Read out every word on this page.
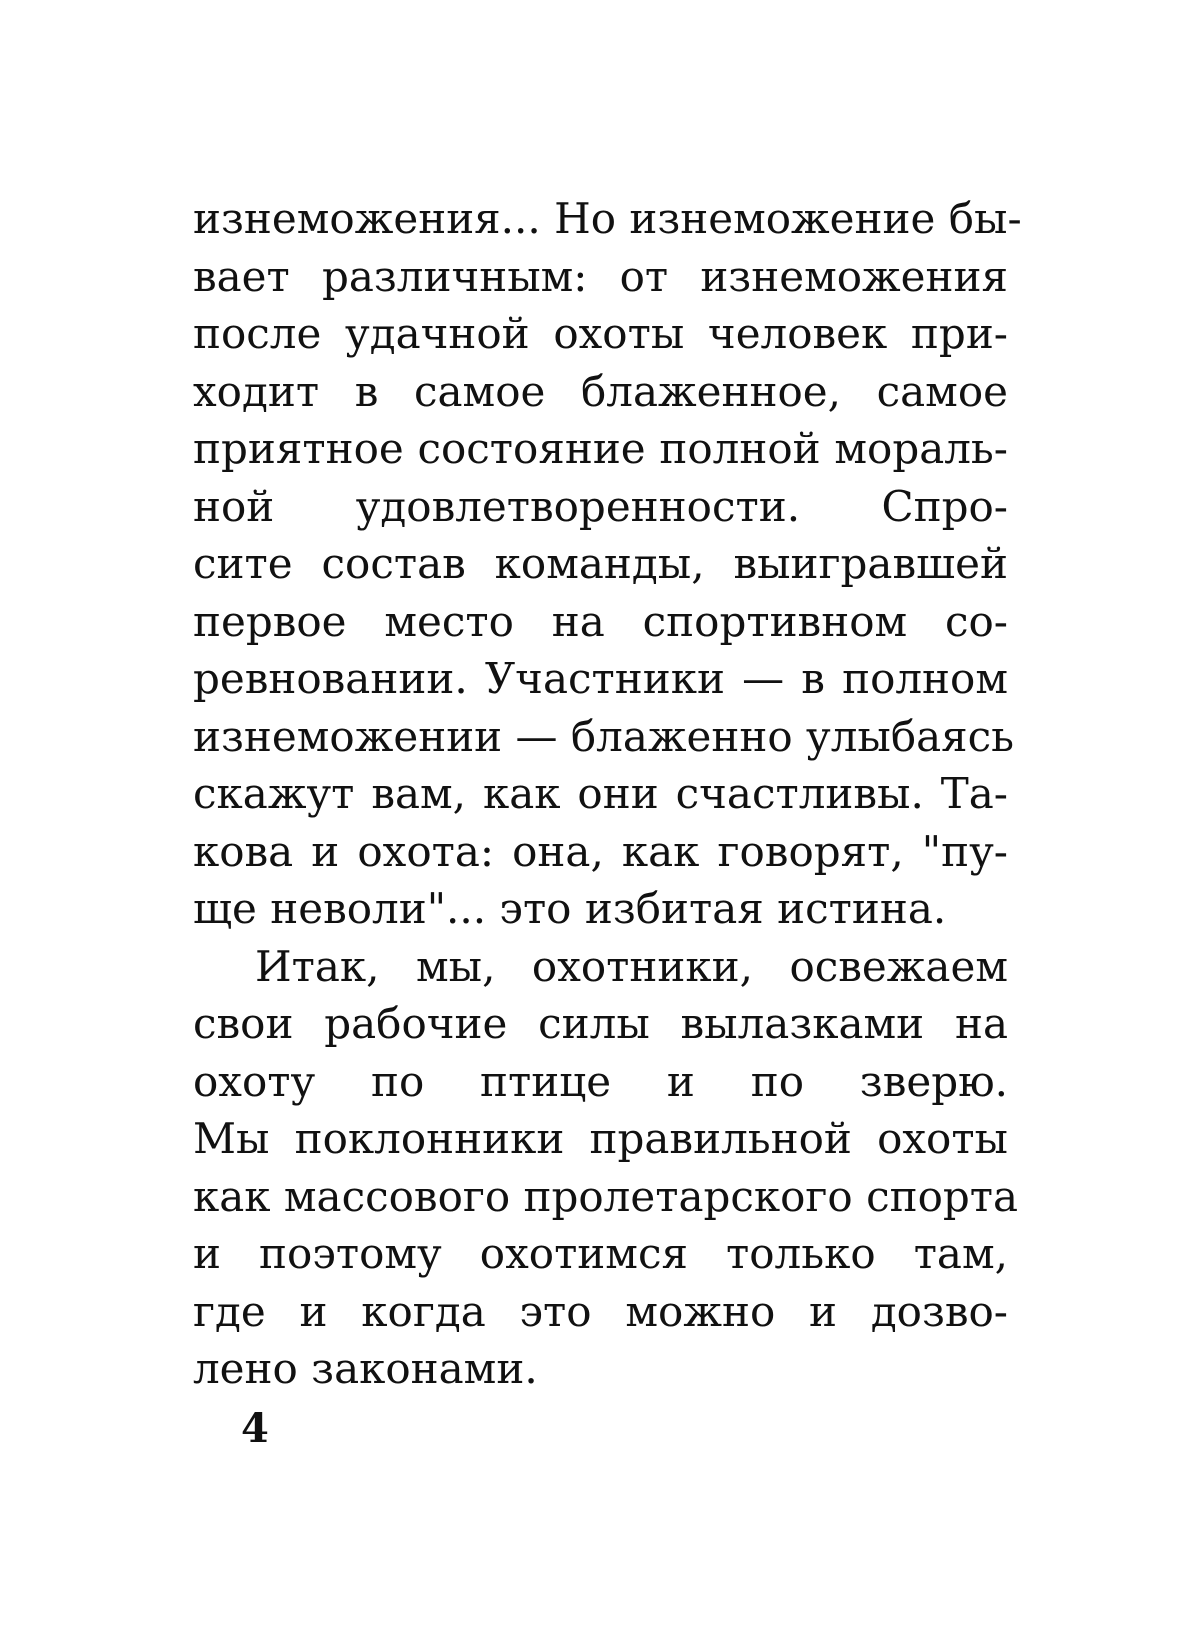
изнеможения... Но изнеможение бы-
вает различным: от изнеможения
после удачной охоты человек при-
ходит в самое блаженное, самое
приятное состояние полной мораль-
ной удовлетворенности. Спро-
сите состав команды, выигравшей
первое место на спортивном со-
ревновании. Участники — в полном
изнеможении — блаженно улыбаясь
скажут вам, как они счастливы. Та-
кова и охота: она, как говорят, "пу-
ще неволи"... это избитая истина.
Итак, мы, охотники, освежаем
свои рабочие силы вылазками на
охоту по птице и по зверю.
Мы поклонники правильной охоты
как массового пролетарского спорта
и поэтому охотимся только там,
где и когда это можно и дозво-
лено законами.
4
